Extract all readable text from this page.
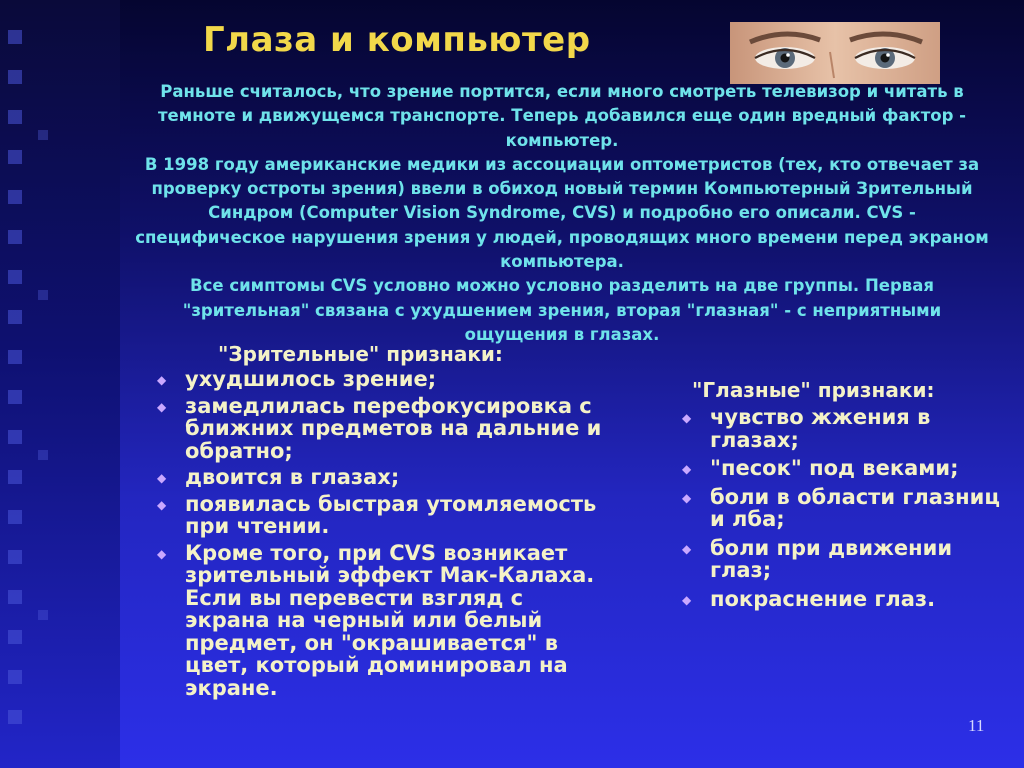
Глаза и компьютер

Раньше считалось, что зрение портится, если много смотреть телевизор и читать в темноте и движущемся транспорте. Теперь добавился еще один вредный фактор - компьютер.

В 1998 году американские медики из ассоциации оптометристов (тех, кто отвечает за проверку остроты зрения) ввели в обиход новый термин Компьютерный Зрительный Синдром (Computer Vision Syndrome, CVS) и подробно его описали. CVS - специфическое нарушения зрения у людей, проводящих много времени перед экраном компьютера.

Все симптомы CVS условно можно условно разделить на две группы. Первая "зрительная" связана с ухудшением зрения, вторая "глазная" - с неприятными ощущения в глазах.

"Зрительные" признаки:
◆ ухудшилось зрение;
◆ замедлилась перефокусировка с ближних предметов на дальние и обратно;
◆ двоится в глазах;
◆ появилась быстрая утомляемость при чтении.
◆ Кроме того, при CVS возникает зрительный эффект Мак-Калаха. Если вы перевести взгляд с экрана на черный или белый предмет, он "окрашивается" в цвет, который доминировал на экране.
"Глазные" признаки:
◆ чувство жжения в глазах;
◆ "песок" под веками;
◆ боли в области глазниц и лба;
◆ боли при движении глаз;
◆ покраснение глаз.
11
